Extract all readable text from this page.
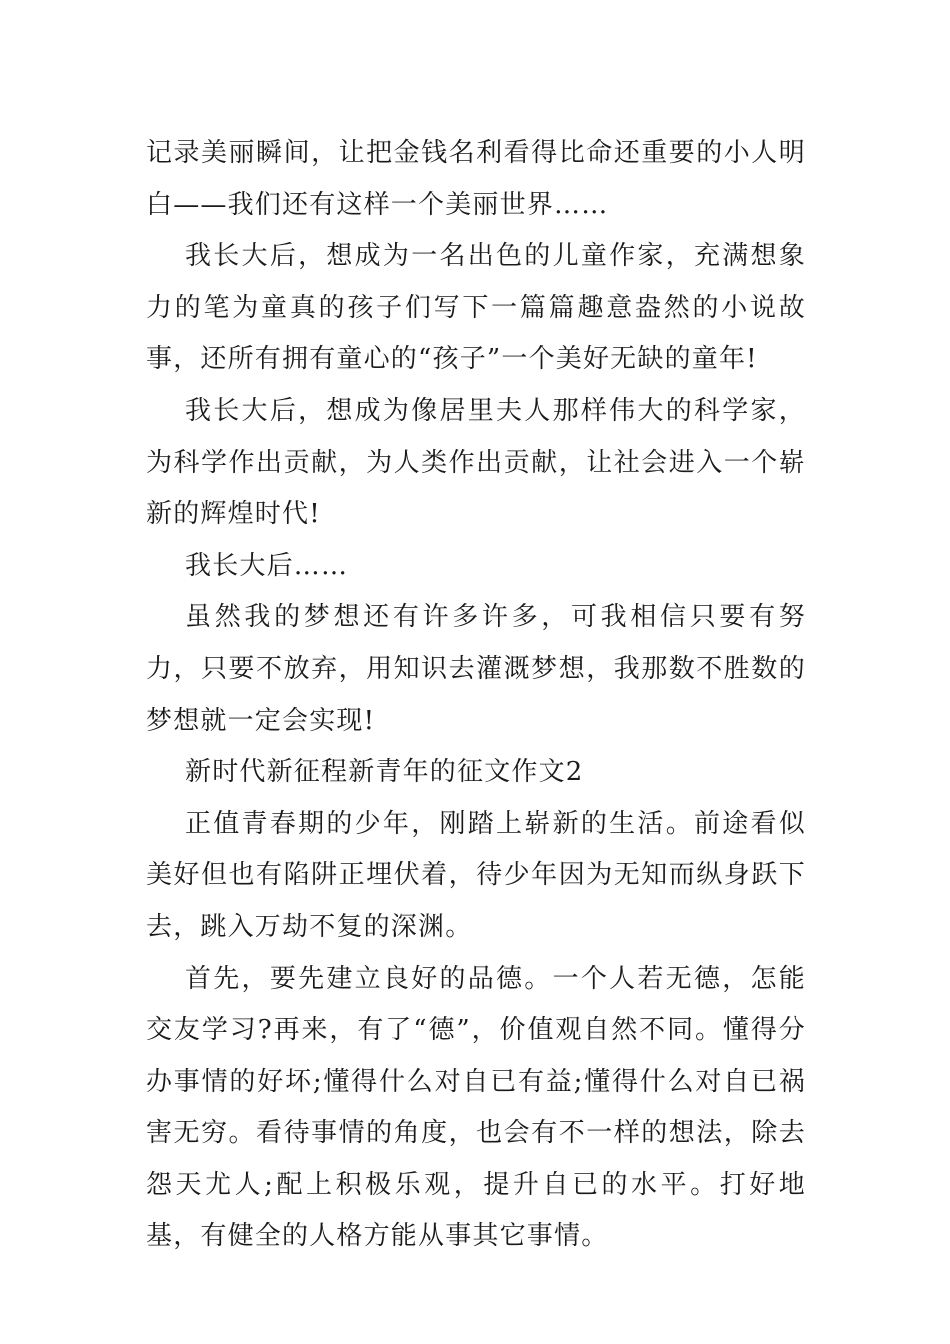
记录美丽瞬间，让把金钱名利看得比命还重要的小人明白——我们还有这样一个美丽世界……

我长大后，想成为一名出色的儿童作家，充满想象力的笔为童真的孩子们写下一篇篇趣意盎然的小说故事，还所有拥有童心的“孩子”一个美好无缺的童年!

我长大后，想成为像居里夫人那样伟大的科学家，为科学作出贡献，为人类作出贡献，让社会进入一个崭新的辉煌时代!

我长大后……

虽然我的梦想还有许多许多，可我相信只要有努力，只要不放弃，用知识去灌溉梦想，我那数不胜数的梦想就一定会实现!

新时代新征程新青年的征文作文2

正值青春期的少年，刚踏上崭新的生活。前途看似美好但也有陷阱正埋伏着，待少年因为无知而纵身跃下去，跳入万劫不复的深渊。

首先，要先建立良好的品德。一个人若无德，怎能交友学习?再来，有了“德”，价值观自然不同。懂得分办事情的好坏;懂得什么对自已有益;懂得什么对自已祸害无穷。看待事情的角度，也会有不一样的想法，除去怨天尤人;配上积极乐观，提升自已的水平。打好地基，有健全的人格方能从事其它事情。
